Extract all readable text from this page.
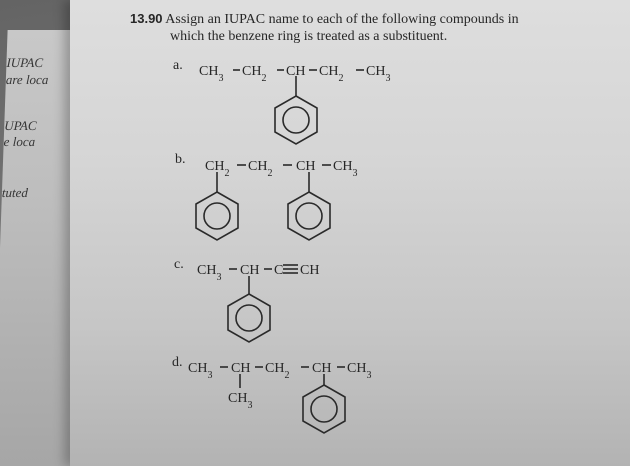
IUPAC
are loca
UPAC
e loca
tuted
13.90 Assign an IUPAC name to each of the following compounds in
which the benzene ring is treated as a substituent.
a.
b.
c.
d.
$CH_3$ $CH_2$ CH $CH_2$ $CH_3$
$CH_2$ $CH_2$ CH $CH_3$
$CH_3$ CH C CH
$CH_3$ CH $CH_2$ CH $CH_3$
$CH_3$
